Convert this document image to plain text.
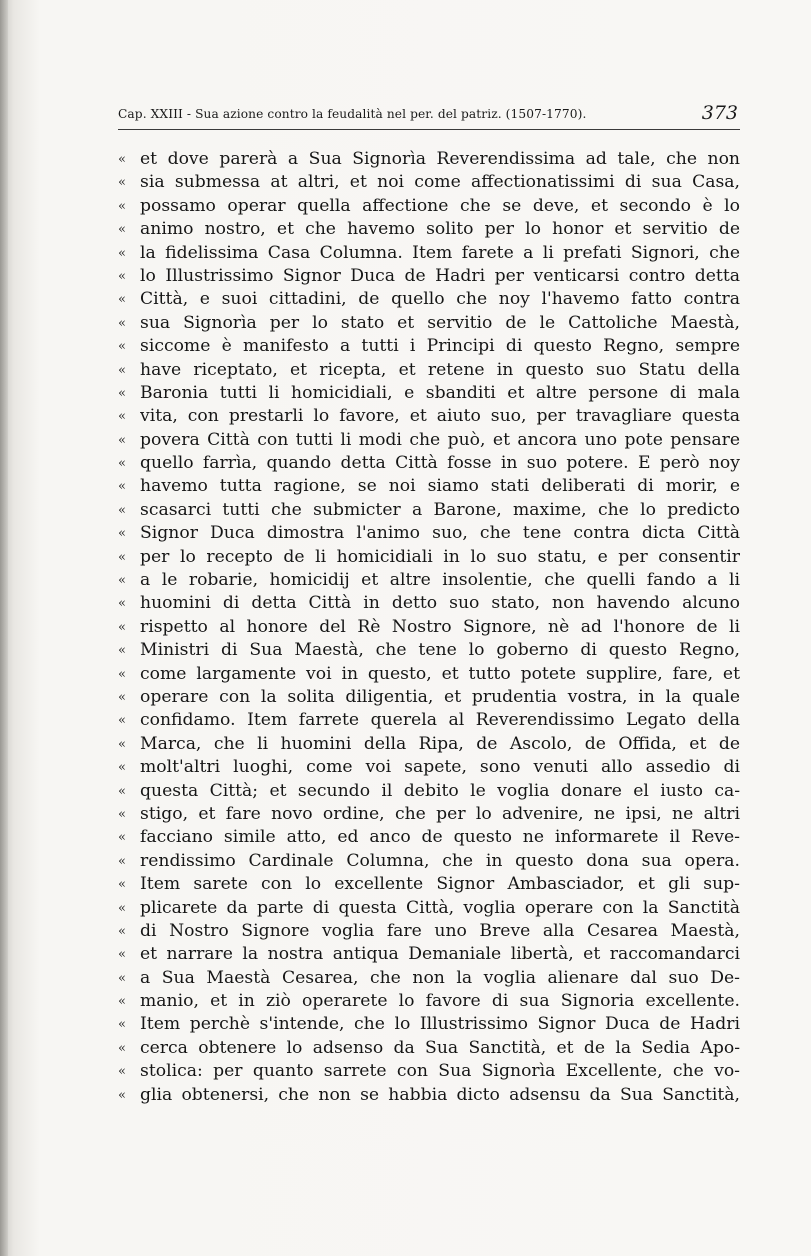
Cap. XXIII - Sua azione contro la feudalità nel per. del patriz. (1507-1770).	373
« et dove parerà a Sua Signorìa Reverendissima ad tale, che non
« sia submessa at altri, et noi come affectionatissimi di sua Casa,
« possamo operar quella affectione che se deve, et secondo è lo
« animo nostro, et che havemo solito per lo honor et servitio de
« la fidelissima Casa Columna. Item farete a li prefati Signori, che
« lo Illustrissimo Signor Duca de Hadri per venticarsi contro detta
« Città, e suoi cittadini, de quello che noy l'havemo fatto contra
« sua Signorìa per lo stato et servitio de le Cattoliche Maestà,
« siccome è manifesto a tutti i Principi di questo Regno, sempre
« have riceptato, et ricepta, et retene in questo suo Statu della
« Baronia tutti li homicidiali, e sbanditi et altre persone di mala
« vita, con prestarli lo favore, et aiuto suo, per travagliare questa
« povera Città con tutti li modi che può, et ancora uno pote pensare
« quello farrìa, quando detta Città fosse in suo potere. E però noy
« havemo tutta ragione, se noi siamo stati deliberati di morir, e
« scasarci tutti che submicter a Barone, maxime, che lo predicto
« Signor Duca dimostra l'animo suo, che tene contra dicta Città
« per lo recepto de li homicidiali in lo suo statu, e per consentir
« a le robarie, homicidij et altre insolentie, che quelli fando a li
« huomini di detta Città in detto suo stato, non havendo alcuno
« rispetto al honore del Rè Nostro Signore, nè ad l'honore de li
« Ministri di Sua Maestà, che tene lo goberno di questo Regno,
« come largamente voi in questo, et tutto potete supplire, fare, et
« operare con la solita diligentia, et prudentia vostra, in la quale
« confidamo. Item farrete querela al Reverendissimo Legato della
« Marca, che li huomini della Ripa, de Ascolo, de Offida, et de
« molt'altri luoghi, come voi sapete, sono venuti allo assedio di
« questa Città; et secundo il debito le voglia donare el iusto ca-
« stigo, et fare novo ordine, che per lo advenire, ne ipsi, ne altri
« facciano simile atto, ed anco de questo ne informarete il Reve-
« rendissimo Cardinale Columna, che in questo dona sua opera.
« Item sarete con lo excellente Signor Ambasciador, et gli sup-
« plicarete da parte di questa Città, voglia operare con la Sanctità
« di Nostro Signore voglia fare uno Breve alla Cesarea Maestà,
« et narrare la nostra antiqua Demaniale libertà, et raccomandarci
« a Sua Maestà Cesarea, che non la voglia alienare dal suo De-
« manio, et in ziò operarete lo favore di sua Signoria excellente.
« Item perchè s'intende, che lo Illustrissimo Signor Duca de Hadri
« cerca obtenere lo adsenso da Sua Sanctità, et de la Sedia Apo-
« stolica: per quanto sarrete con Sua Signorìa Excellente, che vo-
« glia obtenersi, che non se habbia dicto adsensu da Sua Sanctità,
